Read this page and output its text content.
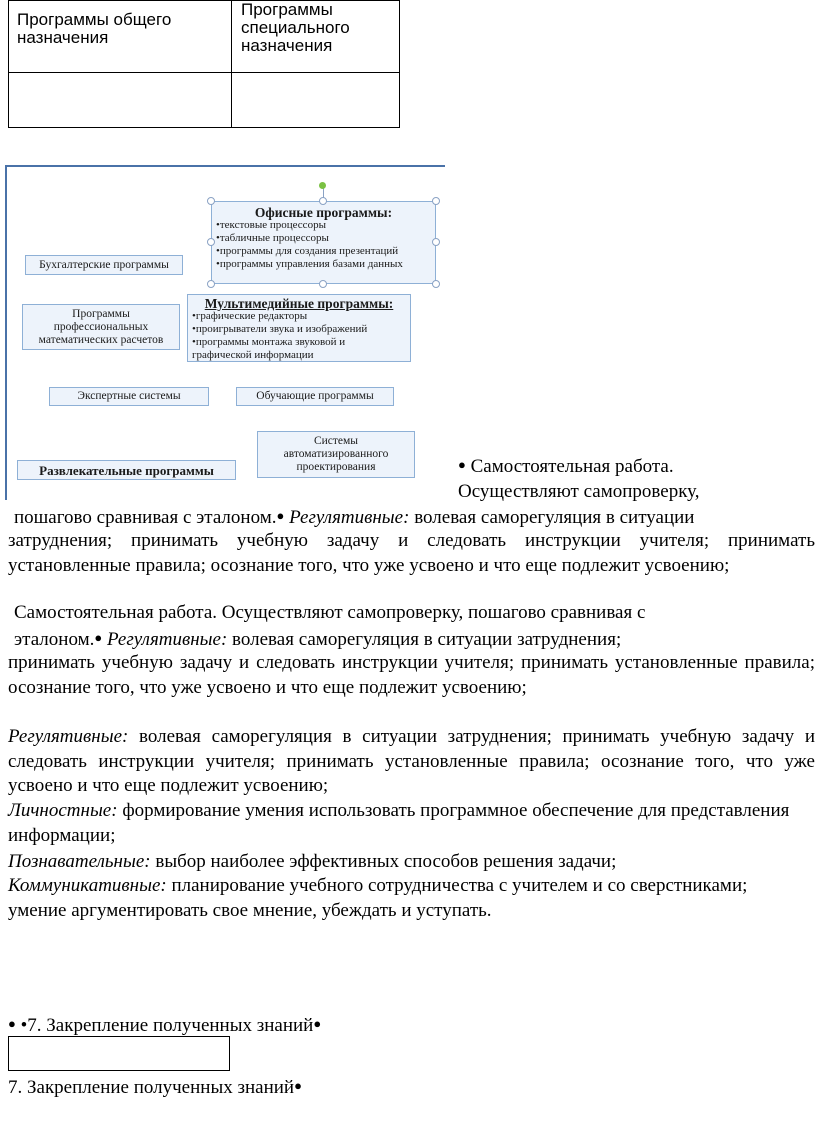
Программы общего назначения
Программы специального назначения
Офисные программы:
•текстовые процессоры
•табличные процессоры
•программы для создания презентаций
•программы управления базами данных
Бухгалтерские программы
Мультимедийные программы:
•графические редакторы
•проигрыватели звука и изображений
•программы монтажа звуковой и графической информации
Программы профессиональных математических расчетов
Экспертные системы	Обучающие программы
Системы автоматизированного проектирования
Развлекательные программы	● Самостоятельная работа.
Осуществляют самопроверку,
пошагово сравнивая с эталоном.● Регулятивные: волевая саморегуляция в ситуации
затруднения; принимать учебную задачу и следовать инструкции учителя; принимать установленные правила; осознание того, что уже усвоено и что еще подлежит усвоению;
Самостоятельная работа. Осуществляют самопроверку, пошагово сравнивая с
эталоном.● Регулятивные: волевая саморегуляция в ситуации затруднения;
принимать учебную задачу и следовать инструкции учителя; принимать установленные правила; осознание того, что уже усвоено и что еще подлежит усвоению;
Регулятивные: волевая саморегуляция в ситуации затруднения; принимать учебную задачу и следовать инструкции учителя; принимать установленные правила; осознание того, что уже усвоено и что еще подлежит усвоению;
Личностные: формирование умения использовать программное обеспечение для представления информации;
Познавательные: выбор наиболее эффективных способов решения задачи;
Коммуникативные: планирование учебного сотрудничества с учителем и со сверстниками; умение аргументировать свое мнение, убеждать и уступать.
● •7. Закрепление полученных знаний●
7. Закрепление полученных знаний●
